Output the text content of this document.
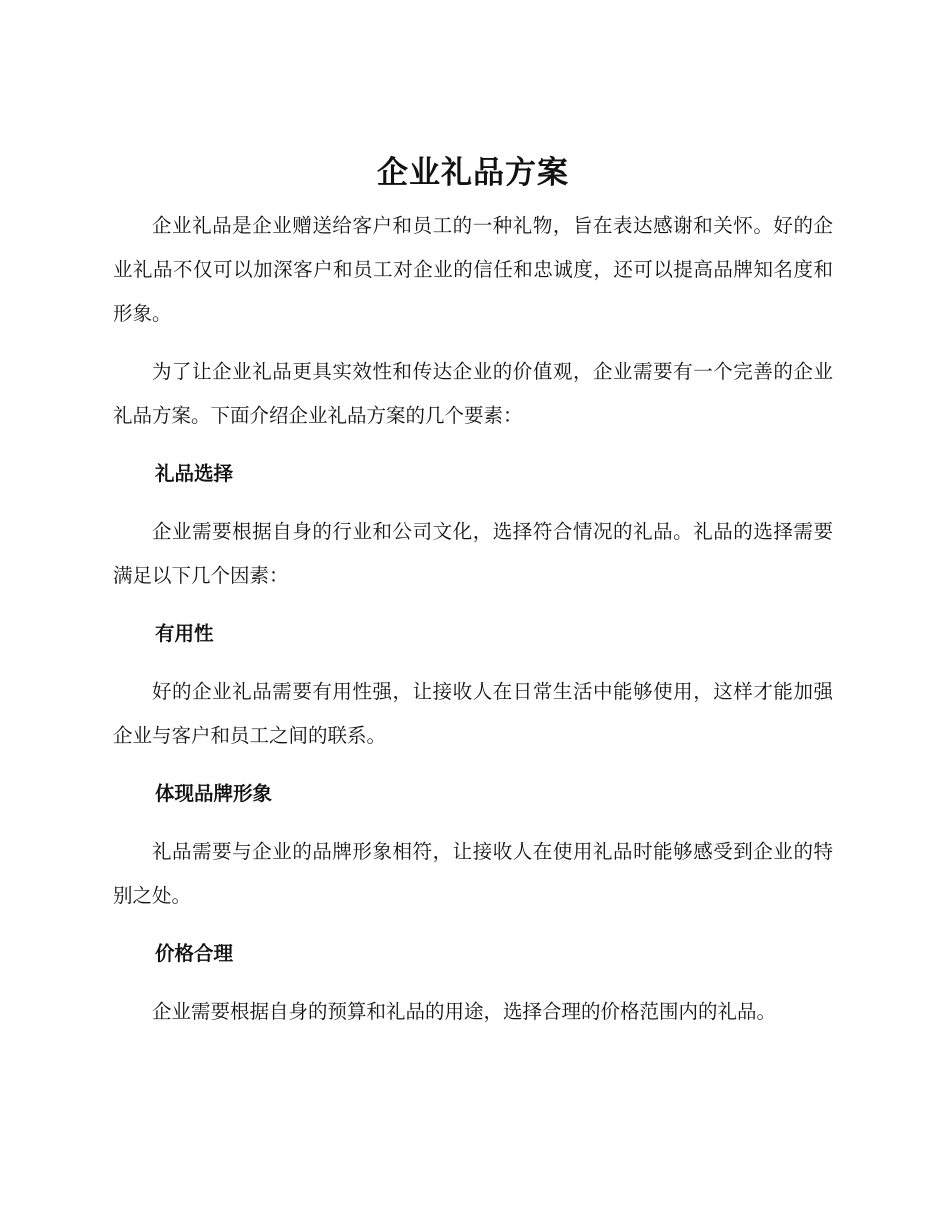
企业礼品方案

企业礼品是企业赠送给客户和员工的一种礼物，旨在表达感谢和关怀。好的企业礼品不仅可以加深客户和员工对企业的信任和忠诚度，还可以提高品牌知名度和形象。

为了让企业礼品更具实效性和传达企业的价值观，企业需要有一个完善的企业礼品方案。下面介绍企业礼品方案的几个要素：

礼品选择

企业需要根据自身的行业和公司文化，选择符合情况的礼品。礼品的选择需要满足以下几个因素：

有用性

好的企业礼品需要有用性强，让接收人在日常生活中能够使用，这样才能加强企业与客户和员工之间的联系。

体现品牌形象

礼品需要与企业的品牌形象相符，让接收人在使用礼品时能够感受到企业的特别之处。

价格合理

企业需要根据自身的预算和礼品的用途，选择合理的价格范围内的礼品。
